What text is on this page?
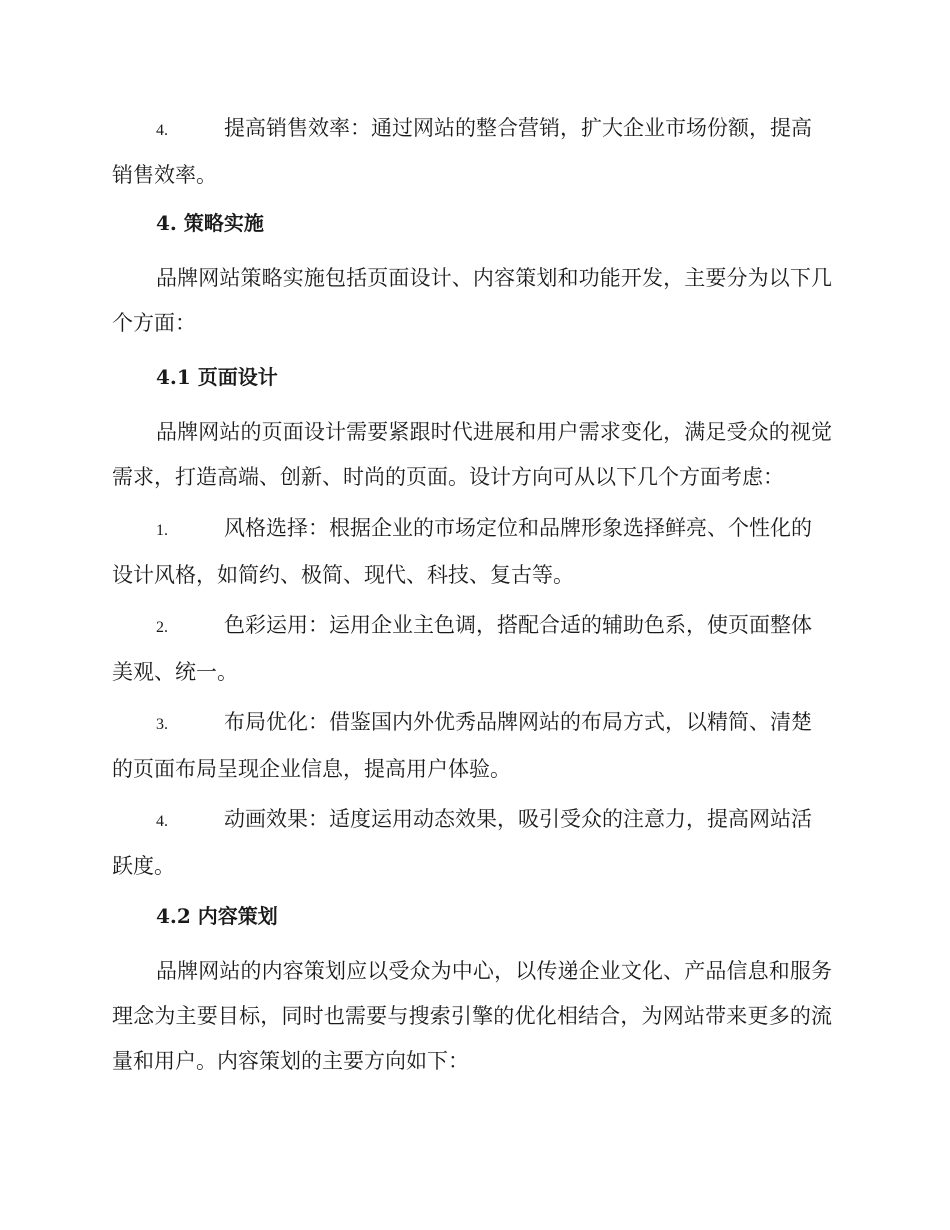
4.	提高销售效率：通过网站的整合营销，扩大企业市场份额，提高销售效率。

4. 策略实施

品牌网站策略实施包括页面设计、内容策划和功能开发，主要分为以下几个方面：

4.1 页面设计

品牌网站的页面设计需要紧跟时代进展和用户需求变化，满足受众的视觉需求，打造高端、创新、时尚的页面。设计方向可从以下几个方面考虑：

1.	风格选择：根据企业的市场定位和品牌形象选择鲜亮、个性化的设计风格，如简约、极简、现代、科技、复古等。

2.	色彩运用：运用企业主色调，搭配合适的辅助色系，使页面整体美观、统一。

3.	布局优化：借鉴国内外优秀品牌网站的布局方式，以精简、清楚的页面布局呈现企业信息，提高用户体验。

4.	动画效果：适度运用动态效果，吸引受众的注意力，提高网站活跃度。

4.2 内容策划

品牌网站的内容策划应以受众为中心，以传递企业文化、产品信息和服务理念为主要目标，同时也需要与搜索引擎的优化相结合，为网站带来更多的流量和用户。内容策划的主要方向如下：
